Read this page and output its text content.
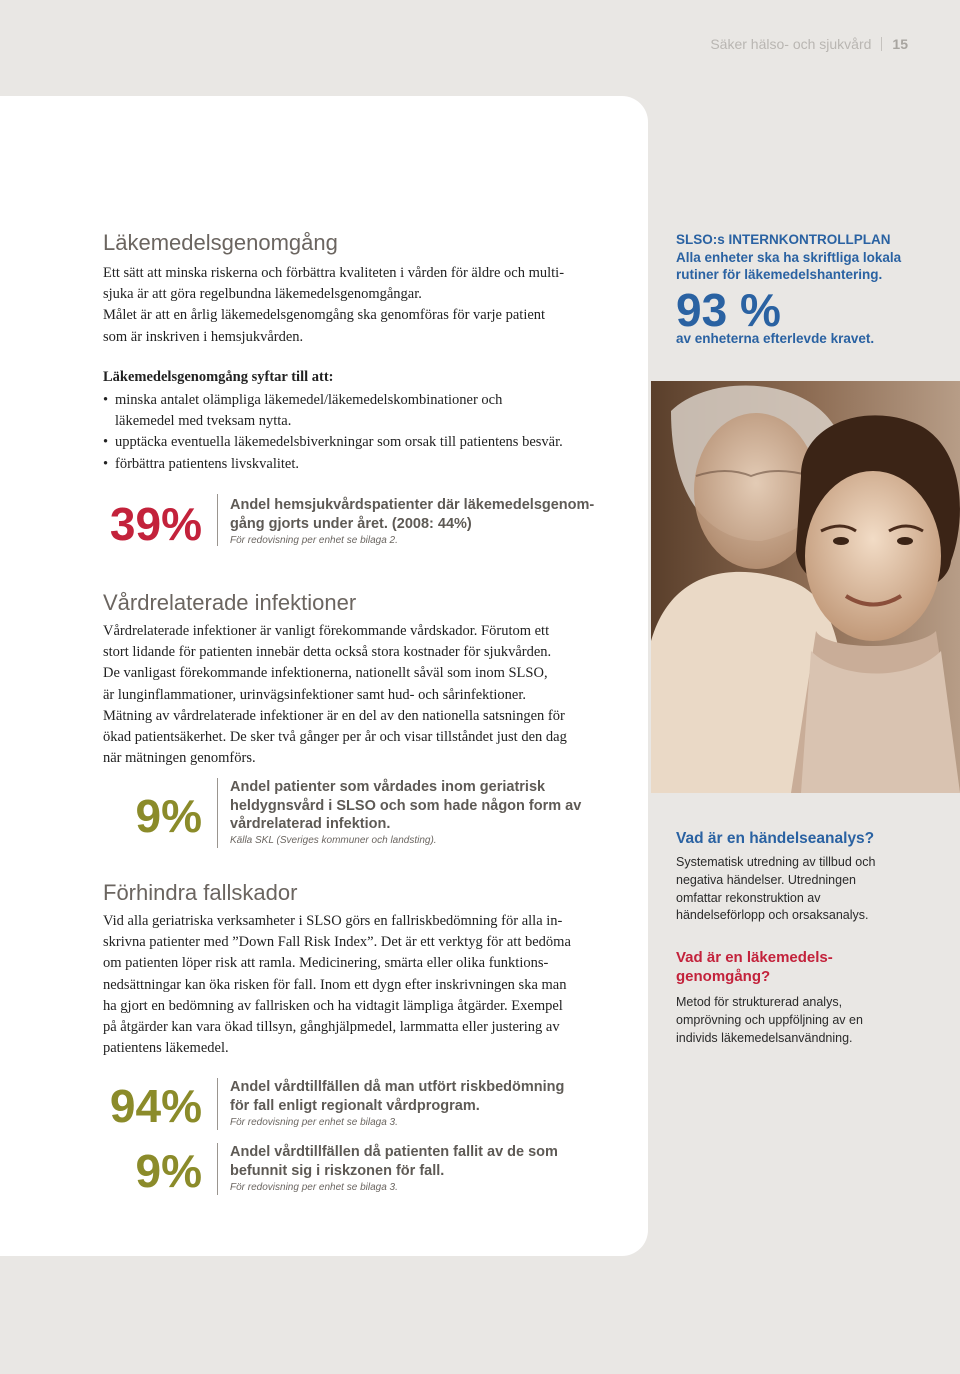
Säker hälso- och sjukvård 15
Läkemedelsgenomgång

Ett sätt att minska riskerna och förbättra kvaliteten i vården för äldre och multi-
sjuka är att göra regelbundna läkemedelsgenomgångar.
Målet är att en årlig läkemedelsgenomgång ska genomföras för varje patient
som är inskriven i hemsjukvården.

Läkemedelsgenomgång syftar till att:

• minska antalet olämpliga läkemedel/läkemedelskombinationer och
läkemedel med tveksam nytta.
• upptäcka eventuella läkemedelsbiverkningar som orsak till patientens besvär.
• förbättra patientens livskvalitet.
39% Andel hemsjukvårdspatienter där läkemedelsgenom-
gång gjorts under året. (2008: 44%)

För redovisning per enhet se bilaga 2.

Vårdrelaterade infektioner

Vårdrelaterade infektioner är vanligt förekommande vårdskador. Förutom ett
stort lidande för patienten innebär detta också stora kostnader för sjukvården.
De vanligast förekommande infektionerna, nationellt såväl som inom SLSO,
är lunginflammationer, urinvägsinfektioner samt hud- och sårinfektioner.
Mätning av vårdrelaterade infektioner är en del av den nationella satsningen för
ökad patientsäkerhet. De sker två gånger per år och visar tillståndet just den dag
när mätningen genomförs.

9%

Andel patienter som vårdades inom geriatrisk
heldygnsvård i SLSO och som hade någon form av
vårdrelaterad infektion.

Källa SKL (Sveriges kommuner och landsting).

Förhindra fallskador

Vid alla geriatriska verksamheter i SLSO görs en fallriskbedömning för alla in-
skrivna patienter med ”Down Fall Risk Index”. Det är ett verktyg för att bedöma
om patienten löper risk att ramla. Medicinering, smärta eller olika funktions-
nedsättningar kan öka risken för fall. Inom ett dygn efter inskrivningen ska man
ha gjort en bedömning av fallrisken och ha vidtagit lämpliga åtgärder. Exempel
på åtgärder kan vara ökad tillsyn, gånghjälpmedel, larmmatta eller justering av
patientens läkemedel.

94% Andel vårdtillfällen då man utfört riskbedömning
för fall enligt regionalt vårdprogram.

För redovisning per enhet se bilaga 3.

9% Andel vårdtillfällen då patienten fallit av de som
befunnit sig i riskzonen för fall.

För redovisning per enhet se bilaga 3.

SLSO:s INTERNKONTROLLPLAN

Alla enheter ska ha skriftliga lokala
rutiner för läkemedelshantering.

93 %

av enheterna efterlevde kravet.

Vad är en händelseanalys?

Systematisk utredning av tillbud och
negativa händelser. Utredningen
omfattar rekonstruktion av
händelseförlopp och orsaksanalys.

Vad är en läkemedels-
genomgång?

Metod för strukturerad analys,
omprövning och uppföljning av en
individs läkemedelsanvändning.
